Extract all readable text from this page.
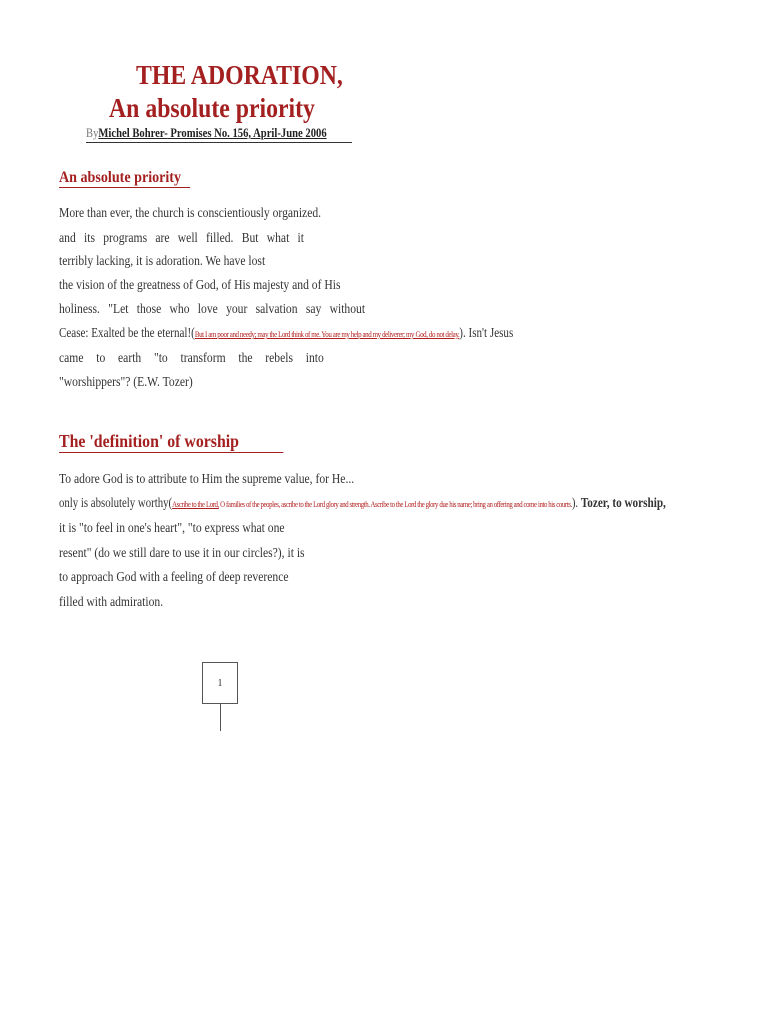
THE ADORATION,
An absolute priority
ByMichel Bohrer- Promises No. 156, April-June 2006
An absolute priority
More than ever, the church is conscientiously organized.
and its programs are well filled. But what it
terribly lacking, it is adoration. We have lost
the vision of the greatness of God, of His majesty and of His
holiness. "Let those who love your salvation say without
Cease: Exalted be the eternal!(But I am poor and needy; may the Lord think of me. You are my help and my deliverer; my God, do not delay.). Isn't Jesus
came to earth "to transform the rebels into
"worshippers"? (E.W. Tozer)
The 'definition' of worship
To adore God is to attribute to Him the supreme value, for He...
only is absolutely worthy(Ascribe to the Lord, O families of the peoples, ascribe to the Lord glory and strength. Ascribe to the Lord the glory due his name; bring an offering and come into his courts.). Tozer, to worship,
it is "to feel in one's heart", "to express what one
resent" (do we still dare to use it in our circles?), it is
to approach God with a feeling of deep reverence
filled with admiration.
1
